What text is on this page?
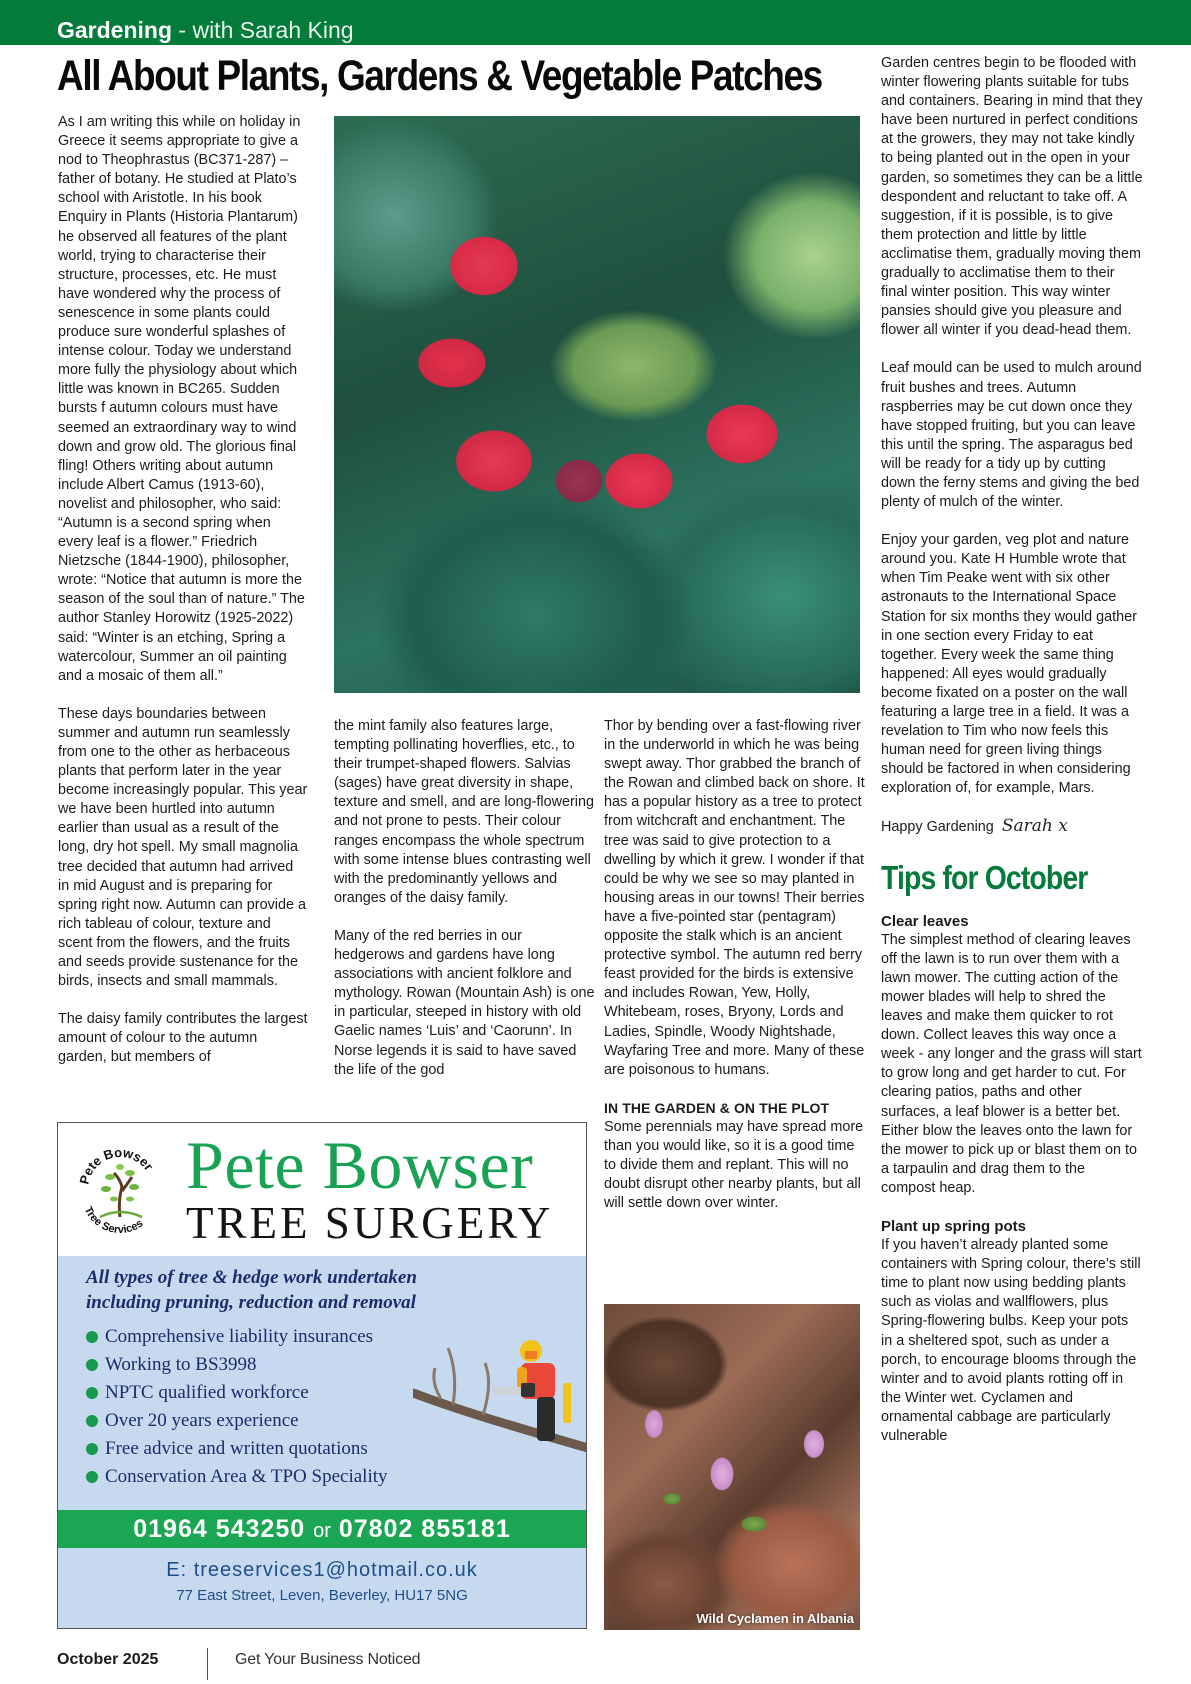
Gardening - with Sarah King
All About Plants, Gardens & Vegetable Patches

As I am writing this while on holiday in Greece it seems appropriate to give a nod to Theophrastus (BC371-287) – father of botany. He studied at Plato’s school with Aristotle. In his book Enquiry in Plants (Historia Plantarum) he observed all features of the plant world, trying to characterise their structure, processes, etc. He must have wondered why the process of senescence in some plants could produce sure wonderful splashes of intense colour. Today we understand more fully the physiology about which little was known in BC265. Sudden bursts f autumn colours must have seemed an extraordinary way to wind down and grow old. The glorious final fling! Others writing about autumn include Albert Camus (1913-60), novelist and philosopher, who said: “Autumn is a second spring when every leaf is a flower.” Friedrich Nietzsche (1844-1900), philosopher, wrote: “Notice that autumn is more the season of the soul than of nature.” The author Stanley Horowitz (1925-2022) said: “Winter is an etching, Spring a watercolour, Summer an oil painting and a mosaic of them all.”

These days boundaries between summer and autumn run seamlessly from one to the other as herbaceous plants that perform later in the year become increasingly popular. This year we have been hurtled into autumn earlier than usual as a result of the long, dry hot spell. My small magnolia tree decided that autumn had arrived in mid August and is preparing for spring right now. Autumn can provide a rich tableau of colour, texture and scent from the flowers, and the fruits and seeds provide sustenance for the birds, insects and small mammals.

The daisy family contributes the largest amount of colour to the autumn garden, but members of

the mint family also features large, tempting pollinating hoverflies, etc., to their trumpet-shaped flowers. Salvias (sages) have great diversity in shape, texture and smell, and are long-flowering and not prone to pests. Their colour ranges encompass the whole spectrum with some intense blues contrasting well with the predominantly yellows and oranges of the daisy family.

Many of the red berries in our hedgerows and gardens have long associations with ancient folklore and mythology. Rowan (Mountain Ash) is one in particular, steeped in history with old Gaelic names ‘Luis’ and ‘Caorunn’. In Norse legends it is said to have saved the life of the god

Thor by bending over a fast-flowing river in the underworld in which he was being swept away. Thor grabbed the branch of the Rowan and climbed back on shore. It has a popular history as a tree to protect from witchcraft and enchantment. The tree was said to give protection to a dwelling by which it grew. I wonder if that could be why we see so may planted in housing areas in our towns! Their berries have a five-pointed star (pentagram) opposite the stalk which is an ancient protective symbol. The autumn red berry feast provided for the birds is extensive and includes Rowan, Yew, Holly, Whitebeam, roses, Bryony, Lords and Ladies, Spindle, Woody Nightshade, Wayfaring Tree and more. Many of these are poisonous to humans.

IN THE GARDEN & ON THE PLOT

Some perennials may have spread more than you would like, so it is a good time to divide them and replant. This will no doubt disrupt other nearby plants, but all will settle down over winter.

Wild Cyclamen in Albania

Garden centres begin to be flooded with winter flowering plants suitable for tubs and containers. Bearing in mind that they have been nurtured in perfect conditions at the growers, they may not take kindly to being planted out in the open in your garden, so sometimes they can be a little despondent and reluctant to take off. A suggestion, if it is possible, is to give them protection and little by little acclimatise them, gradually moving them gradually to acclimatise them to their final winter position. This way winter pansies should give you pleasure and flower all winter if you dead-head them.

Leaf mould can be used to mulch around fruit bushes and trees. Autumn raspberries may be cut down once they have stopped fruiting, but you can leave this until the spring. The asparagus bed will be ready for a tidy up by cutting down the ferny stems and giving the bed plenty of mulch of the winter.

Enjoy your garden, veg plot and nature around you. Kate H Humble wrote that when Tim Peake went with six other astronauts to the International Space Station for six months they would gather in one section every Friday to eat together. Every week the same thing happened: All eyes would gradually become fixated on a poster on the wall featuring a large tree in a field. It was a revelation to Tim who now feels this human need for green living things should be factored in when considering exploration of, for example, Mars.

Happy Gardening Sarah x
Tips for October
Clear leaves

The simplest method of clearing leaves off the lawn is to run over them with a lawn mower. The cutting action of the mower blades will help to shred the leaves and make them quicker to rot down. Collect leaves this way once a week - any longer and the grass will start to grow long and get harder to cut. For clearing patios, paths and other surfaces, a leaf blower is a better bet. Either blow the leaves onto the lawn for the mower to pick up or blast them on to a tarpaulin and drag them to the compost heap.

Plant up spring pots

If you haven’t already planted some containers with Spring colour, there’s still time to plant now using bedding plants such as violas and wallflowers, plus Spring-flowering bulbs. Keep your pots in a sheltered spot, such as under a porch, to encourage blooms through the winter and to avoid plants rotting off in the Winter wet. Cyclamen and ornamental cabbage are particularly vulnerable

Pete Bowser
Tree Services
Pete Bowser
TREE SURGERY
All types of tree & hedge work undertaken
including pruning, reduction and removal
Comprehensive liability insurances
Working to BS3998
NPTC qualified workforce
Over 20 years experience
Free advice and written quotations
Conservation Area & TPO Speciality
01964 543250 or 07802 855181
E: treeservices1@hotmail.co.uk
77 East Street, Leven, Beverley, HU17 5NG
October 2025	Get Your Business Noticed
